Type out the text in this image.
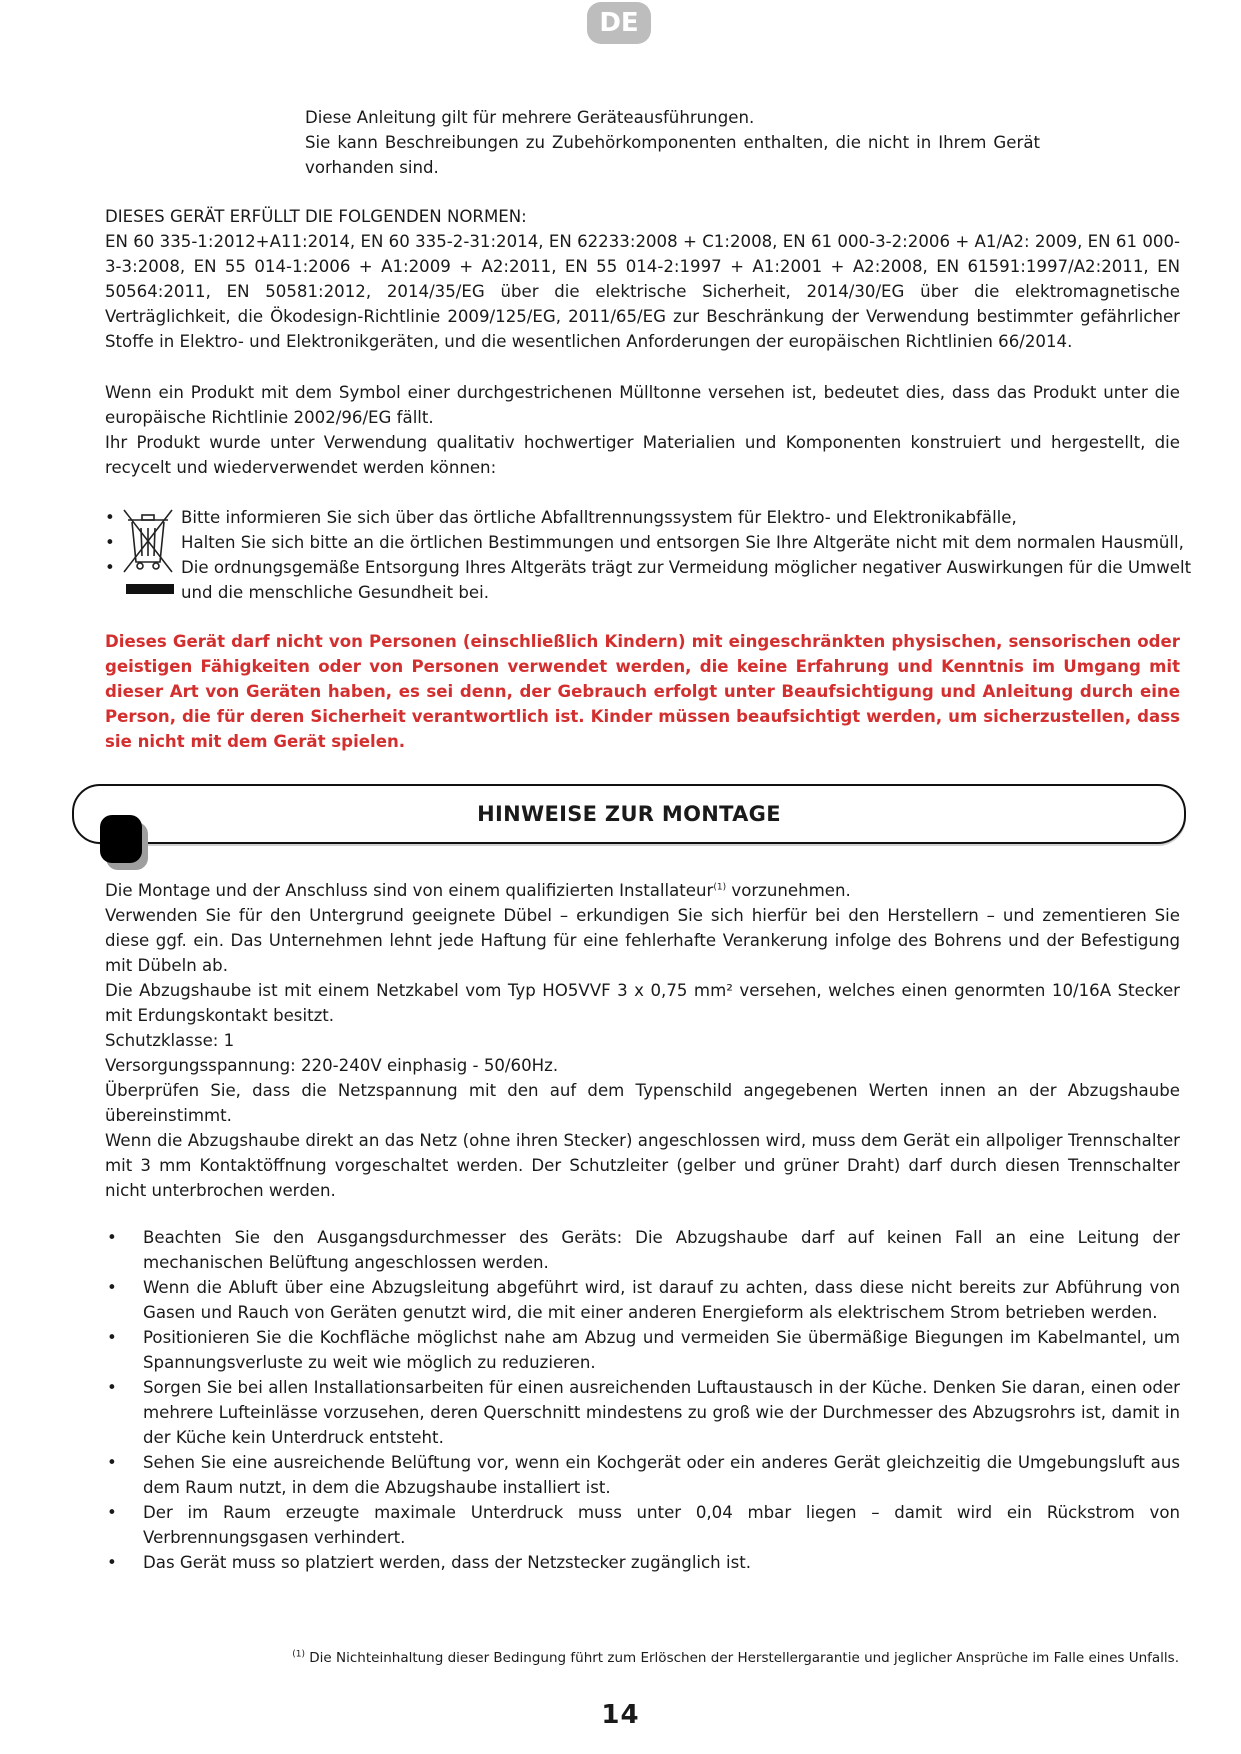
DE
Diese Anleitung gilt für mehrere Geräteausführungen.
Sie kann Beschreibungen zu Zubehörkomponenten enthalten, die nicht in Ihrem Gerät vorhanden sind.
DIESES GERÄT ERFÜLLT DIE FOLGENDEN NORMEN:
EN 60 335-1:2012+A11:2014, EN 60 335-2-31:2014, EN 62233:2008 + C1:2008, EN 61 000-3-2:2006 + A1/A2: 2009, EN 61 000-3-3:2008, EN 55 014-1:2006 + A1:2009 + A2:2011, EN 55 014-2:1997 + A1:2001 + A2:2008, EN 61591:1997/A2:2011, EN 50564:2011, EN 50581:2012, 2014/35/EG über die elektrische Sicherheit, 2014/30/EG über die elektromagnetische Verträglichkeit, die Ökodesign-Richtlinie 2009/125/EG, 2011/65/EG zur Beschränkung der Verwendung bestimmter gefährlicher Stoffe in Elektro- und Elektronikgeräten, und die wesentlichen Anforderungen der europäischen Richtlinien 66/2014.
Wenn ein Produkt mit dem Symbol einer durchgestrichenen Mülltonne versehen ist, bedeutet dies, dass das Produkt unter die europäische Richtlinie 2002/96/EG fällt.
Ihr Produkt wurde unter Verwendung qualitativ hochwertiger Materialien und Komponenten konstruiert und hergestellt, die recycelt und wiederverwendet werden können:
•	Bitte informieren Sie sich über das örtliche Abfalltrennungssystem für Elektro- und Elektronikabfälle,
•	Halten Sie sich bitte an die örtlichen Bestimmungen und entsorgen Sie Ihre Altgeräte nicht mit dem normalen Hausmüll,
•	Die ordnungsgemäße Entsorgung Ihres Altgeräts trägt zur Vermeidung möglicher negativer Auswirkungen für die Umwelt
und die menschliche Gesundheit bei.
Dieses Gerät darf nicht von Personen (einschließlich Kindern) mit eingeschränkten physischen, sensorischen oder geistigen Fähigkeiten oder von Personen verwendet werden, die keine Erfahrung und Kenntnis im Umgang mit dieser Art von Geräten haben, es sei denn, der Gebrauch erfolgt unter Beaufsichtigung und Anleitung durch eine Person, die für deren Sicherheit verantwortlich ist. Kinder müssen beaufsichtigt werden, um sicherzustellen, dass sie nicht mit dem Gerät spielen.
HINWEISE ZUR MONTAGE
Die Montage und der Anschluss sind von einem qualifizierten Installateur$^{(1)}$ vorzunehmen.
Verwenden Sie für den Untergrund geeignete Dübel – erkundigen Sie sich hierfür bei den Herstellern – und zementieren Sie diese ggf. ein. Das Unternehmen lehnt jede Haftung für eine fehlerhafte Verankerung infolge des Bohrens und der Befestigung mit Dübeln ab.
Die Abzugshaube ist mit einem Netzkabel vom Typ HO5VVF 3 x 0,75 mm² versehen, welches einen genormten 10/16A Stecker mit Erdungskontakt besitzt.
Schutzklasse: 1
Versorgungsspannung: 220-240V einphasig - 50/60Hz.
Überprüfen Sie, dass die Netzspannung mit den auf dem Typenschild angegebenen Werten innen an der Abzugshaube übereinstimmt.
Wenn die Abzugshaube direkt an das Netz (ohne ihren Stecker) angeschlossen wird, muss dem Gerät ein allpoliger Trennschalter mit 3 mm Kontaktöffnung vorgeschaltet werden. Der Schutzleiter (gelber und grüner Draht) darf durch diesen Trennschalter nicht unterbrochen werden.
• Beachten Sie den Ausgangsdurchmesser des Geräts: Die Abzugshaube darf auf keinen Fall an eine Leitung der mechanischen Belüftung angeschlossen werden.
• Wenn die Abluft über eine Abzugsleitung abgeführt wird, ist darauf zu achten, dass diese nicht bereits zur Abführung von Gasen und Rauch von Geräten genutzt wird, die mit einer anderen Energieform als elektrischem Strom betrieben werden.
• Positionieren Sie die Kochfläche möglichst nahe am Abzug und vermeiden Sie übermäßige Biegungen im Kabelmantel, um Spannungsverluste zu weit wie möglich zu reduzieren.
• Sorgen Sie bei allen Installationsarbeiten für einen ausreichenden Luftaustausch in der Küche. Denken Sie daran, einen oder mehrere Lufteinlässe vorzusehen, deren Querschnitt mindestens zu groß wie der Durchmesser des Abzugsrohrs ist, damit in der Küche kein Unterdruck entsteht.
• Sehen Sie eine ausreichende Belüftung vor, wenn ein Kochgerät oder ein anderes Gerät gleichzeitig die Umgebungsluft aus dem Raum nutzt, in dem die Abzugshaube installiert ist.
• Der im Raum erzeugte maximale Unterdruck muss unter 0,04 mbar liegen – damit wird ein Rückstrom von Verbrennungsgasen verhindert.
• Das Gerät muss so platziert werden, dass der Netzstecker zugänglich ist.
$^{(1)}$ Die Nichteinhaltung dieser Bedingung führt zum Erlöschen der Herstellergarantie und jeglicher Ansprüche im Falle eines Unfalls.
14
